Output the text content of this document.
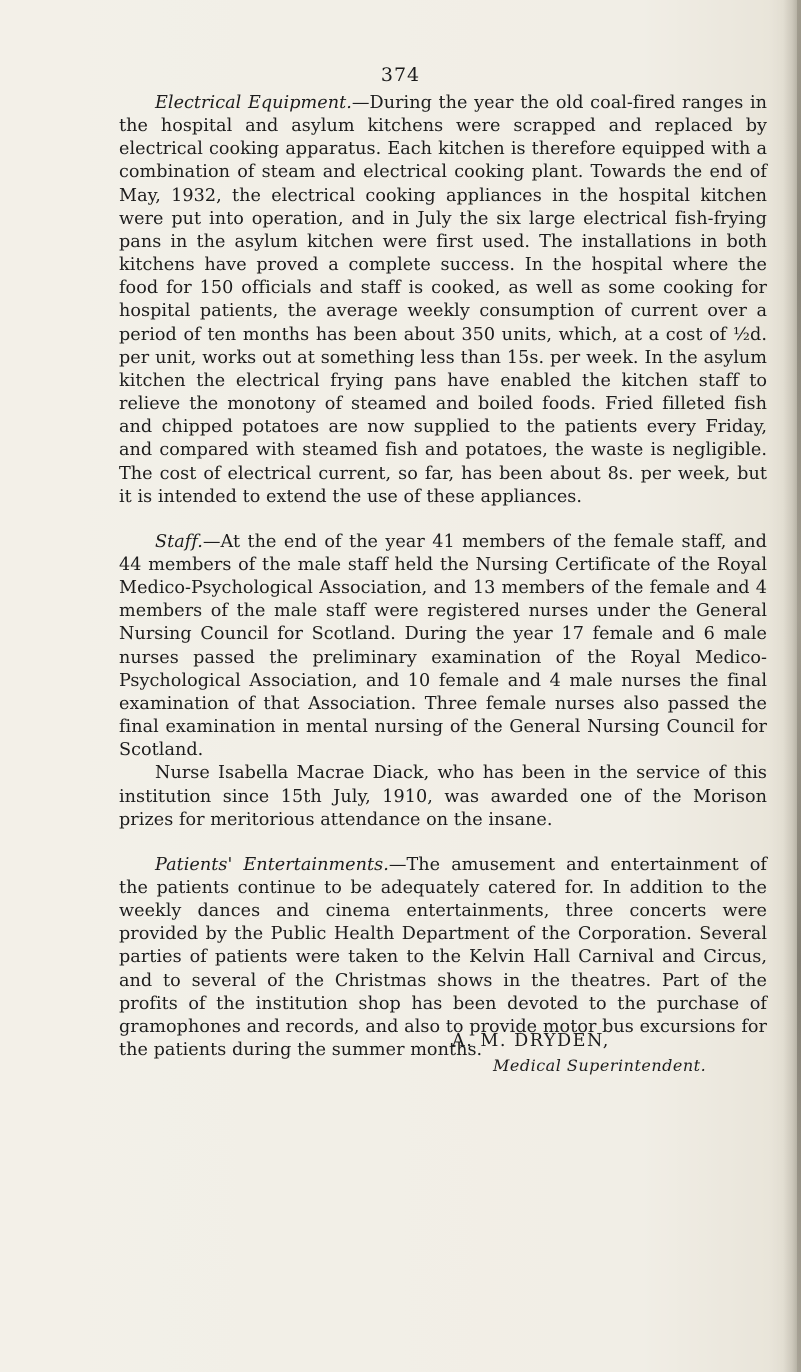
374

Electrical Equipment.—During the year the old coal-fired ranges in the hospital and asylum kitchens were scrapped and replaced by electrical cooking apparatus. Each kitchen is therefore equipped with a combination of steam and electrical cooking plant. Towards the end of May, 1932, the electrical cooking appliances in the hospital kitchen were put into operation, and in July the six large electrical fish-frying pans in the asylum kitchen were first used. The installations in both kitchens have proved a complete success. In the hospital where the food for 150 officials and staff is cooked, as well as some cooking for hospital patients, the average weekly consumption of current over a period of ten months has been about 350 units, which, at a cost of ½d. per unit, works out at something less than 15s. per week. In the asylum kitchen the electrical frying pans have enabled the kitchen staff to relieve the monotony of steamed and boiled foods. Fried filleted fish and chipped potatoes are now supplied to the patients every Friday, and compared with steamed fish and potatoes, the waste is negligible. The cost of electrical current, so far, has been about 8s. per week, but it is intended to extend the use of these appliances.

Staff.—At the end of the year 41 members of the female staff, and 44 members of the male staff held the Nursing Certificate of the Royal Medico-Psychological Association, and 13 members of the female and 4 members of the male staff were registered nurses under the General Nursing Council for Scotland. During the year 17 female and 6 male nurses passed the preliminary examination of the Royal Medico-Psychological Association, and 10 female and 4 male nurses the final examination of that Association. Three female nurses also passed the final examination in mental nursing of the General Nursing Council for Scotland.

Nurse Isabella Macrae Diack, who has been in the service of this institution since 15th July, 1910, was awarded one of the Morison prizes for meritorious attendance on the insane.

Patients' Entertainments.—The amusement and entertainment of the patients continue to be adequately catered for. In addition to the weekly dances and cinema entertainments, three concerts were provided by the Public Health Department of the Corporation. Several parties of patients were taken to the Kelvin Hall Carnival and Circus, and to several of the Christmas shows in the theatres. Part of the profits of the institution shop has been devoted to the purchase of gramophones and records, and also to provide motor bus excursions for the patients during the summer months.

A. M. DRYDEN,
Medical Superintendent.
